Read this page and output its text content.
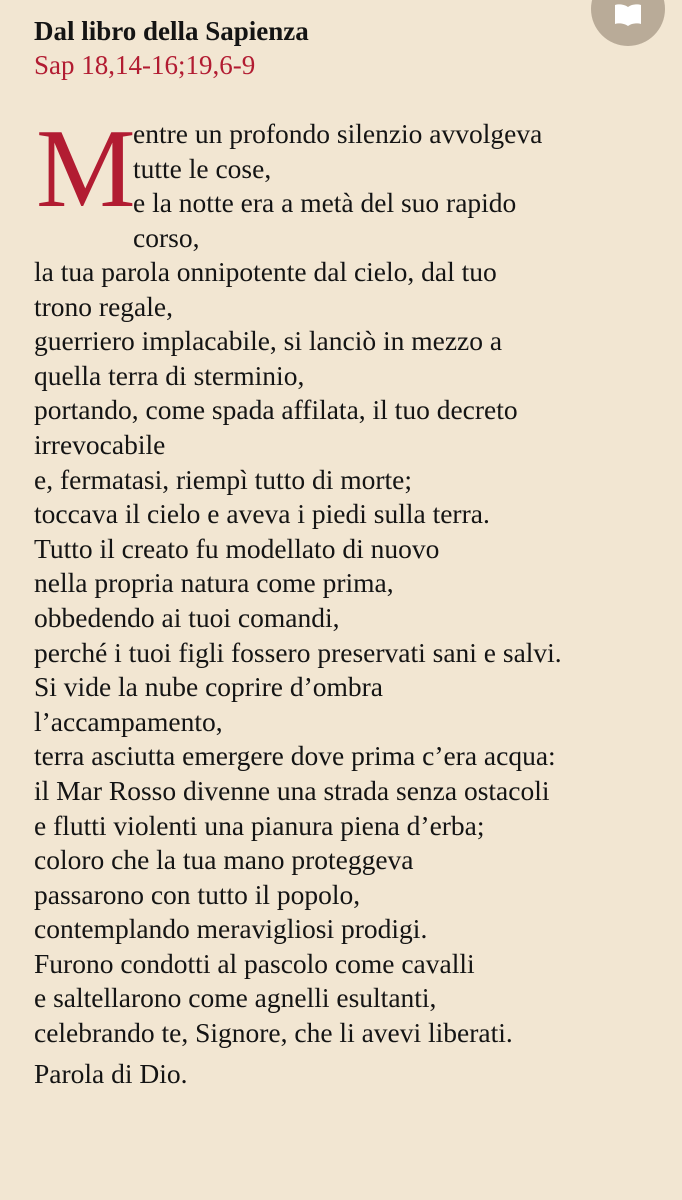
Dal libro della Sapienza
Sap 18,14-16;19,6-9
M
entre un profondo silenzio avvolgeva
tutte le cose,
e la notte era a metà del suo rapido
corso,
la tua parola onnipotente dal cielo, dal tuo
trono regale,
guerriero implacabile, si lanciò in mezzo a
quella terra di sterminio,
portando, come spada affilata, il tuo decreto
irrevocabile
e, fermatasi, riempì tutto di morte;
toccava il cielo e aveva i piedi sulla terra.
Tutto il creato fu modellato di nuovo
nella propria natura come prima,
obbedendo ai tuoi comandi,
perché i tuoi figli fossero preservati sani e salvi.
Si vide la nube coprire d’ombra
l’accampamento,
terra asciutta emergere dove prima c’era acqua:
il Mar Rosso divenne una strada senza ostacoli
e flutti violenti una pianura piena d’erba;
coloro che la tua mano proteggeva
passarono con tutto il popolo,
contemplando meravigliosi prodigi.
Furono condotti al pascolo come cavalli
e saltellarono come agnelli esultanti,
celebrando te, Signore, che li avevi liberati.
Parola di Dio.
